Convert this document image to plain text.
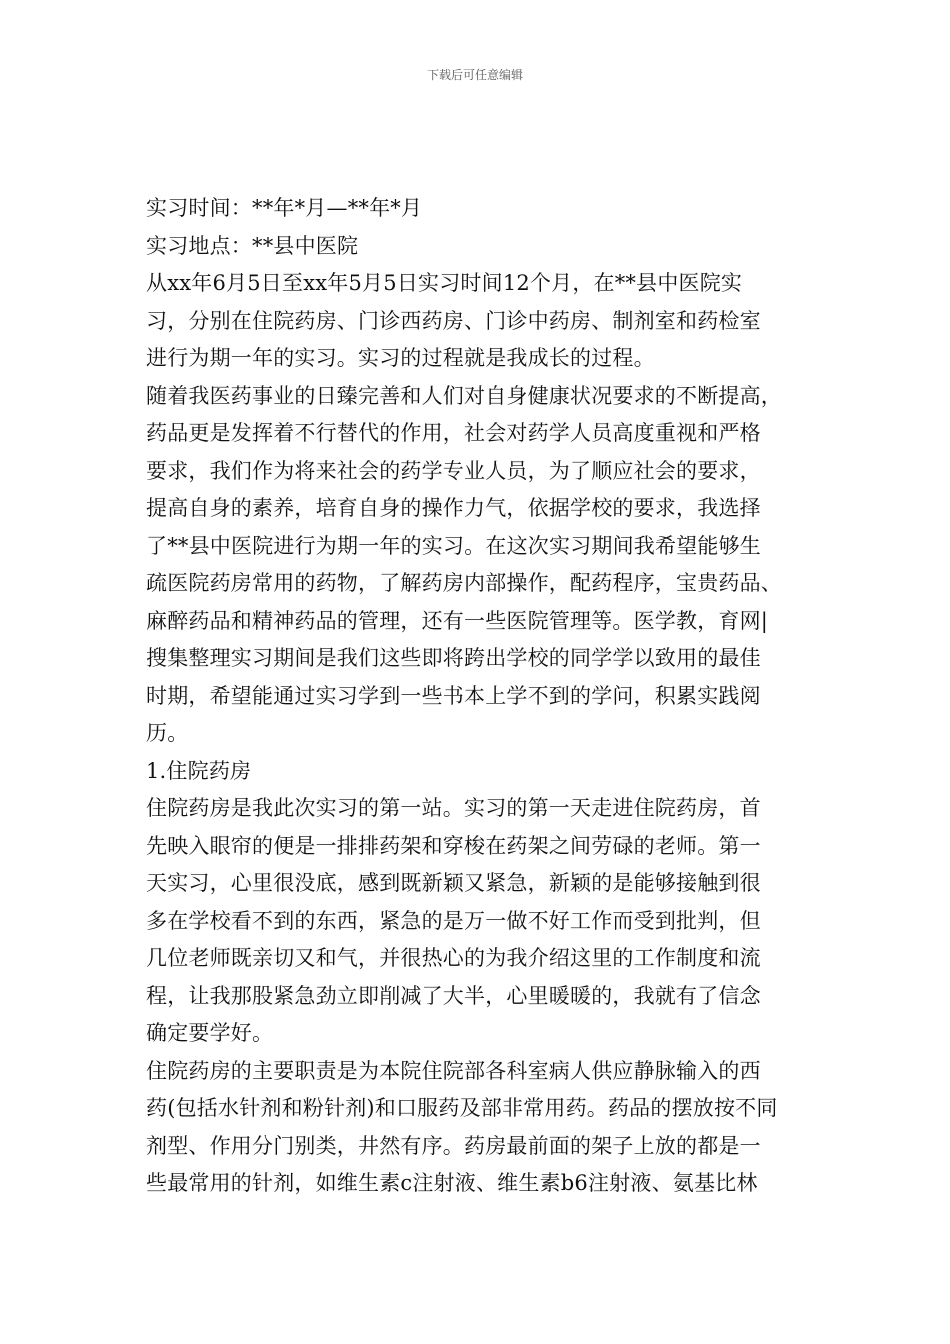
下载后可任意编辑
实习时间：**年*月—**年*月
实习地点：**县中医院
从xx年6月5日至xx年5月5日实习时间12个月，在**县中医院实
习，分别在住院药房、门诊西药房、门诊中药房、制剂室和药检室
进行为期一年的实习。实习的过程就是我成长的过程。
随着我医药事业的日臻完善和人们对自身健康状况要求的不断提高，
药品更是发挥着不行替代的作用，社会对药学人员高度重视和严格
要求，我们作为将来社会的药学专业人员，为了顺应社会的要求，
提高自身的素养，培育自身的操作力气，依据学校的要求，我选择
了**县中医院进行为期一年的实习。在这次实习期间我希望能够生
疏医院药房常用的药物，了解药房内部操作，配药程序，宝贵药品、
麻醉药品和精神药品的管理，还有一些医院管理等。医学教，育网|
搜集整理实习期间是我们这些即将跨出学校的同学学以致用的最佳
时期，希望能通过实习学到一些书本上学不到的学问，积累实践阅
历。
1.住院药房
住院药房是我此次实习的第一站。实习的第一天走进住院药房，首
先映入眼帘的便是一排排药架和穿梭在药架之间劳碌的老师。第一
天实习，心里很没底，感到既新颖又紧急，新颖的是能够接触到很
多在学校看不到的东西，紧急的是万一做不好工作而受到批判，但
几位老师既亲切又和气，并很热心的为我介绍这里的工作制度和流
程，让我那股紧急劲立即削减了大半，心里暖暖的，我就有了信念
确定要学好。
住院药房的主要职责是为本院住院部各科室病人供应静脉输入的西
药(包括水针剂和粉针剂)和口服药及部非常用药。药品的摆放按不同
剂型、作用分门别类，井然有序。药房最前面的架子上放的都是一
些最常用的针剂，如维生素c注射液、维生素b6注射液、氨基比林
